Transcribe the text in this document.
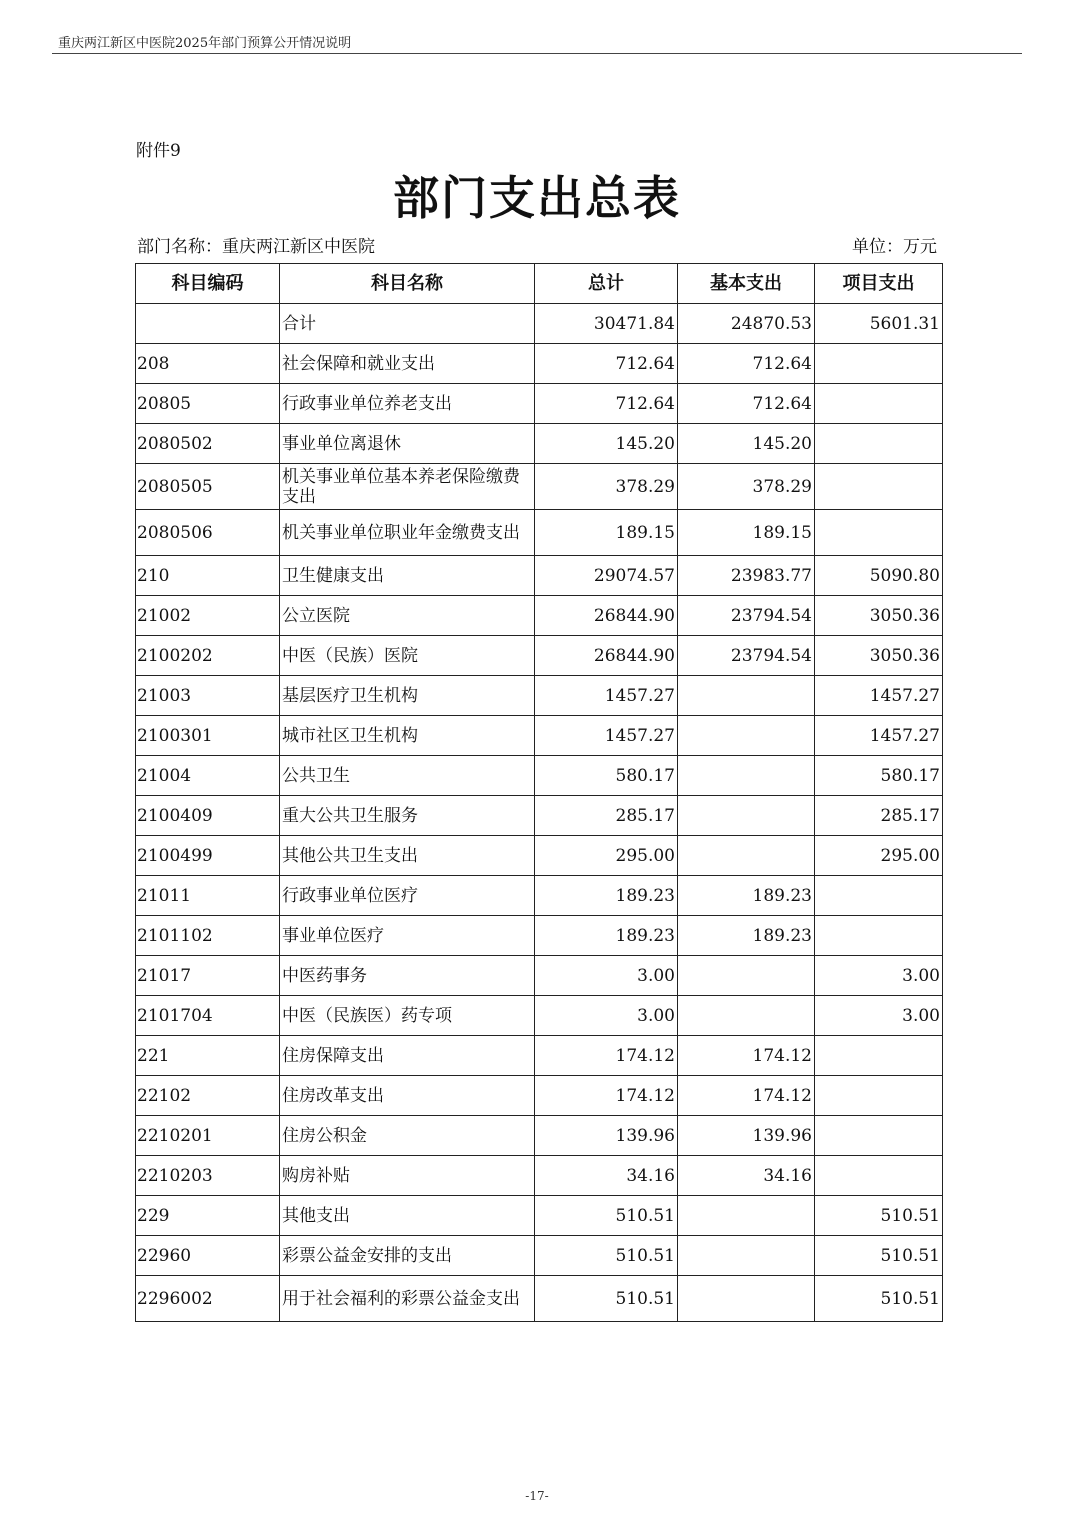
重庆两江新区中医院2025年部门预算公开情况说明
附件9
部门支出总表
部门名称：重庆两江新区中医院	单位：万元
科目编码	科目名称	总计	基本支出	项目支出
	合计	30471.84	24870.53	5601.31
208	社会保障和就业支出	712.64	712.64	
20805	行政事业单位养老支出	712.64	712.64	
2080502	事业单位离退休	145.20	145.20	
2080505	机关事业单位基本养老保险缴费支出	378.29	378.29	
2080506	机关事业单位职业年金缴费支出	189.15	189.15	
210	卫生健康支出	29074.57	23983.77	5090.80
21002	公立医院	26844.90	23794.54	3050.36
2100202	中医（民族）医院	26844.90	23794.54	3050.36
21003	基层医疗卫生机构	1457.27		1457.27
2100301	城市社区卫生机构	1457.27		1457.27
21004	公共卫生	580.17		580.17
2100409	重大公共卫生服务	285.17		285.17
2100499	其他公共卫生支出	295.00		295.00
21011	行政事业单位医疗	189.23	189.23	
2101102	事业单位医疗	189.23	189.23	
21017	中医药事务	3.00		3.00
2101704	中医（民族医）药专项	3.00		3.00
221	住房保障支出	174.12	174.12	
22102	住房改革支出	174.12	174.12	
2210201	住房公积金	139.96	139.96	
2210203	购房补贴	34.16	34.16	
229	其他支出	510.51		510.51
22960	彩票公益金安排的支出	510.51		510.51
2296002	用于社会福利的彩票公益金支出	510.51		510.51
-17-
